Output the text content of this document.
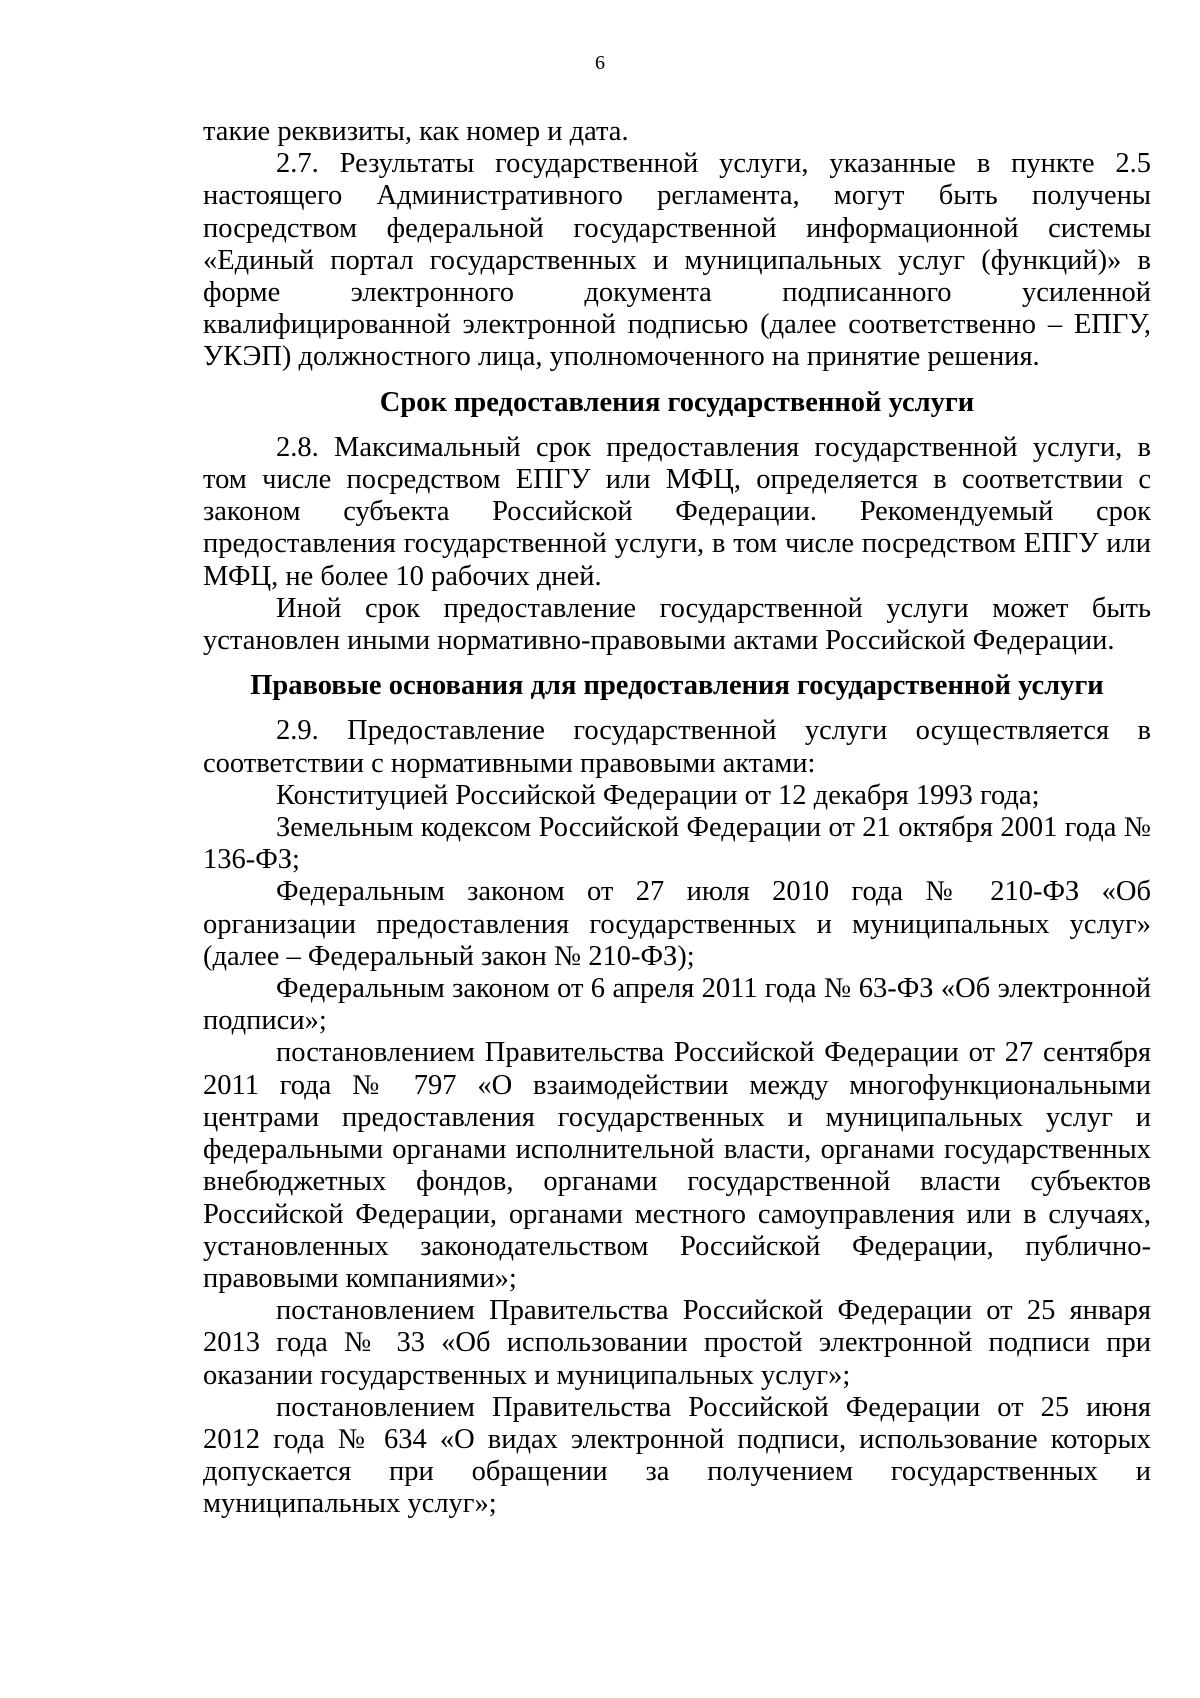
6

такие реквизиты, как номер и дата.

2.7. Результаты государственной услуги, указанные в пункте 2.5 настоящего Административного регламента, могут быть получены посредством федеральной государственной информационной системы «Единый портал государственных и муниципальных услуг (функций)» в форме электронного документа подписанного усиленной квалифицированной электронной подписью (далее соответственно – ЕПГУ, УКЭП) должностного лица, уполномоченного на принятие решения.

Срок предоставления государственной услуги

2.8. Максимальный срок предоставления государственной услуги, в том числе посредством ЕПГУ или МФЦ, определяется в соответствии с законом субъекта Российской Федерации. Рекомендуемый срок предоставления государственной услуги, в том числе посредством ЕПГУ или МФЦ, не более 10 рабочих дней.

Иной срок предоставление государственной услуги может быть установлен иными нормативно-правовыми актами Российской Федерации.

Правовые основания для предоставления государственной услуги

2.9. Предоставление государственной услуги осуществляется в соответствии с нормативными правовыми актами:

Конституцией Российской Федерации от 12 декабря 1993 года;

Земельным кодексом Российской Федерации от 21 октября 2001 года № 136-ФЗ;

Федеральным законом от 27 июля 2010 года № 210-ФЗ «Об организации предоставления государственных и муниципальных услуг» (далее – Федеральный закон № 210-ФЗ);

Федеральным законом от 6 апреля 2011 года № 63-ФЗ «Об электронной подписи»;

постановлением Правительства Российской Федерации от 27 сентября 2011 года № 797 «О взаимодействии между многофункциональными центрами предоставления государственных и муниципальных услуг и федеральными органами исполнительной власти, органами государственных внебюджетных фондов, органами государственной власти субъектов Российской Федерации, органами местного самоуправления или в случаях, установленных законодательством Российской Федерации, публично-правовыми компаниями»;

постановлением Правительства Российской Федерации от 25 января 2013 года № 33 «Об использовании простой электронной подписи при оказании государственных и муниципальных услуг»;

постановлением Правительства Российской Федерации от 25 июня 2012 года № 634 «О видах электронной подписи, использование которых допускается при обращении за получением государственных и муниципальных услуг»;
